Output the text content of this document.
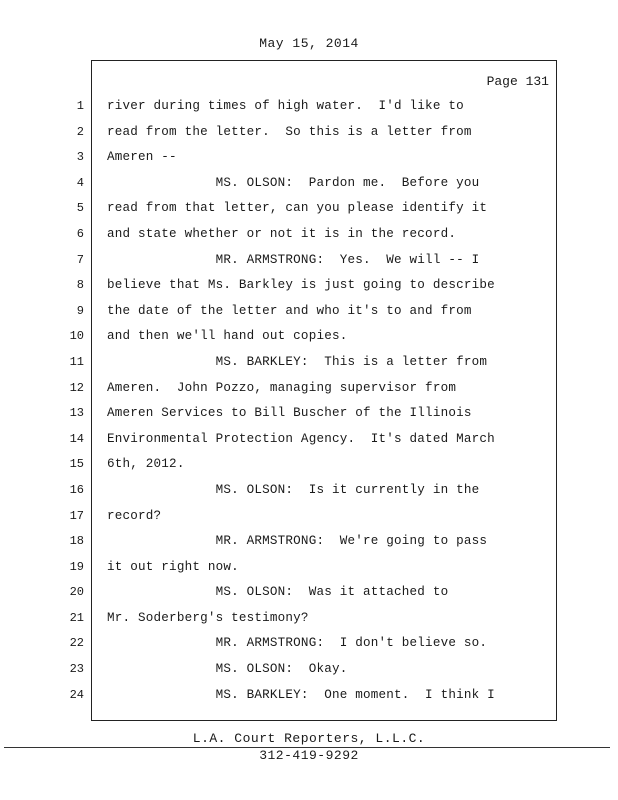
May 15, 2014
Page 131
1
2
3
4
5
6
7
8
9
10
11
12
13
14
15
16
17
18
19
20
21
22
23
24
river during times of high water.  I'd like to
read from the letter.  So this is a letter from
Ameren --
MS. OLSON:  Pardon me.  Before you
read from that letter, can you please identify it
and state whether or not it is in the record.
MR. ARMSTRONG:  Yes.  We will -- I
believe that Ms. Barkley is just going to describe
the date of the letter and who it's to and from
and then we'll hand out copies.
MS. BARKLEY:  This is a letter from
Ameren.  John Pozzo, managing supervisor from
Ameren Services to Bill Buscher of the Illinois
Environmental Protection Agency.  It's dated March
6th, 2012.
MS. OLSON:  Is it currently in the
record?
MR. ARMSTRONG:  We're going to pass
it out right now.
MS. OLSON:  Was it attached to
Mr. Soderberg's testimony?
MR. ARMSTRONG:  I don't believe so.
MS. OLSON:  Okay.
MS. BARKLEY:  One moment.  I think I
L.A. Court Reporters, L.L.C.
312-419-9292
